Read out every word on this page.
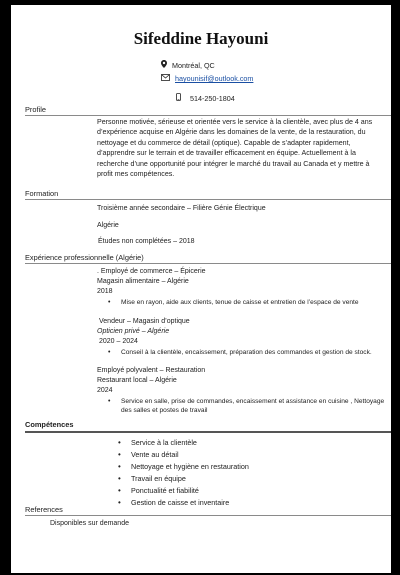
Sifeddine Hayouni
Montréal, QC
hayounisif@outlook.com
514-250-1804
Profile

Personne motivée, sérieuse et orientée vers le service à la clientèle, avec plus de 4 ans d’expérience acquise en Algérie dans les domaines de la vente, de la restauration, du nettoyage et du commerce de détail (optique). Capable de s’adapter rapidement, d’apprendre sur le terrain et de travailler efficacement en équipe. Actuellement à la recherche d’une opportunité pour intégrer le marché du travail au Canada et y mettre à profit mes compétences.

Formation
Troisième année secondaire – Filière Génie Électrique
Algérie
Études non complétées – 2018
Expérience professionnelle (Algérie)
. Employé de commerce – Épicerie
Magasin alimentaire – Algérie
2018
• Mise en rayon, aide aux clients, tenue de caisse et entretien de l’espace de vente
Vendeur – Magasin d’optique
Opticien privé – Algérie
2020 – 2024
• Conseil à la clientèle, encaissement, préparation des commandes et gestion de stock.
Employé polyvalent – Restauration
Restaurant local – Algérie
2024
• Service en salle, prise de commandes, encaissement et assistance en cuisine , Nettoyage
des salles et postes de travail
Compétences
• Service à la clientèle
• Vente au détail
• Nettoyage et hygiène en restauration
• Travail en équipe
• Ponctualité et fiabilité
• Gestion de caisse et inventaire
References
Disponibles sur demande
